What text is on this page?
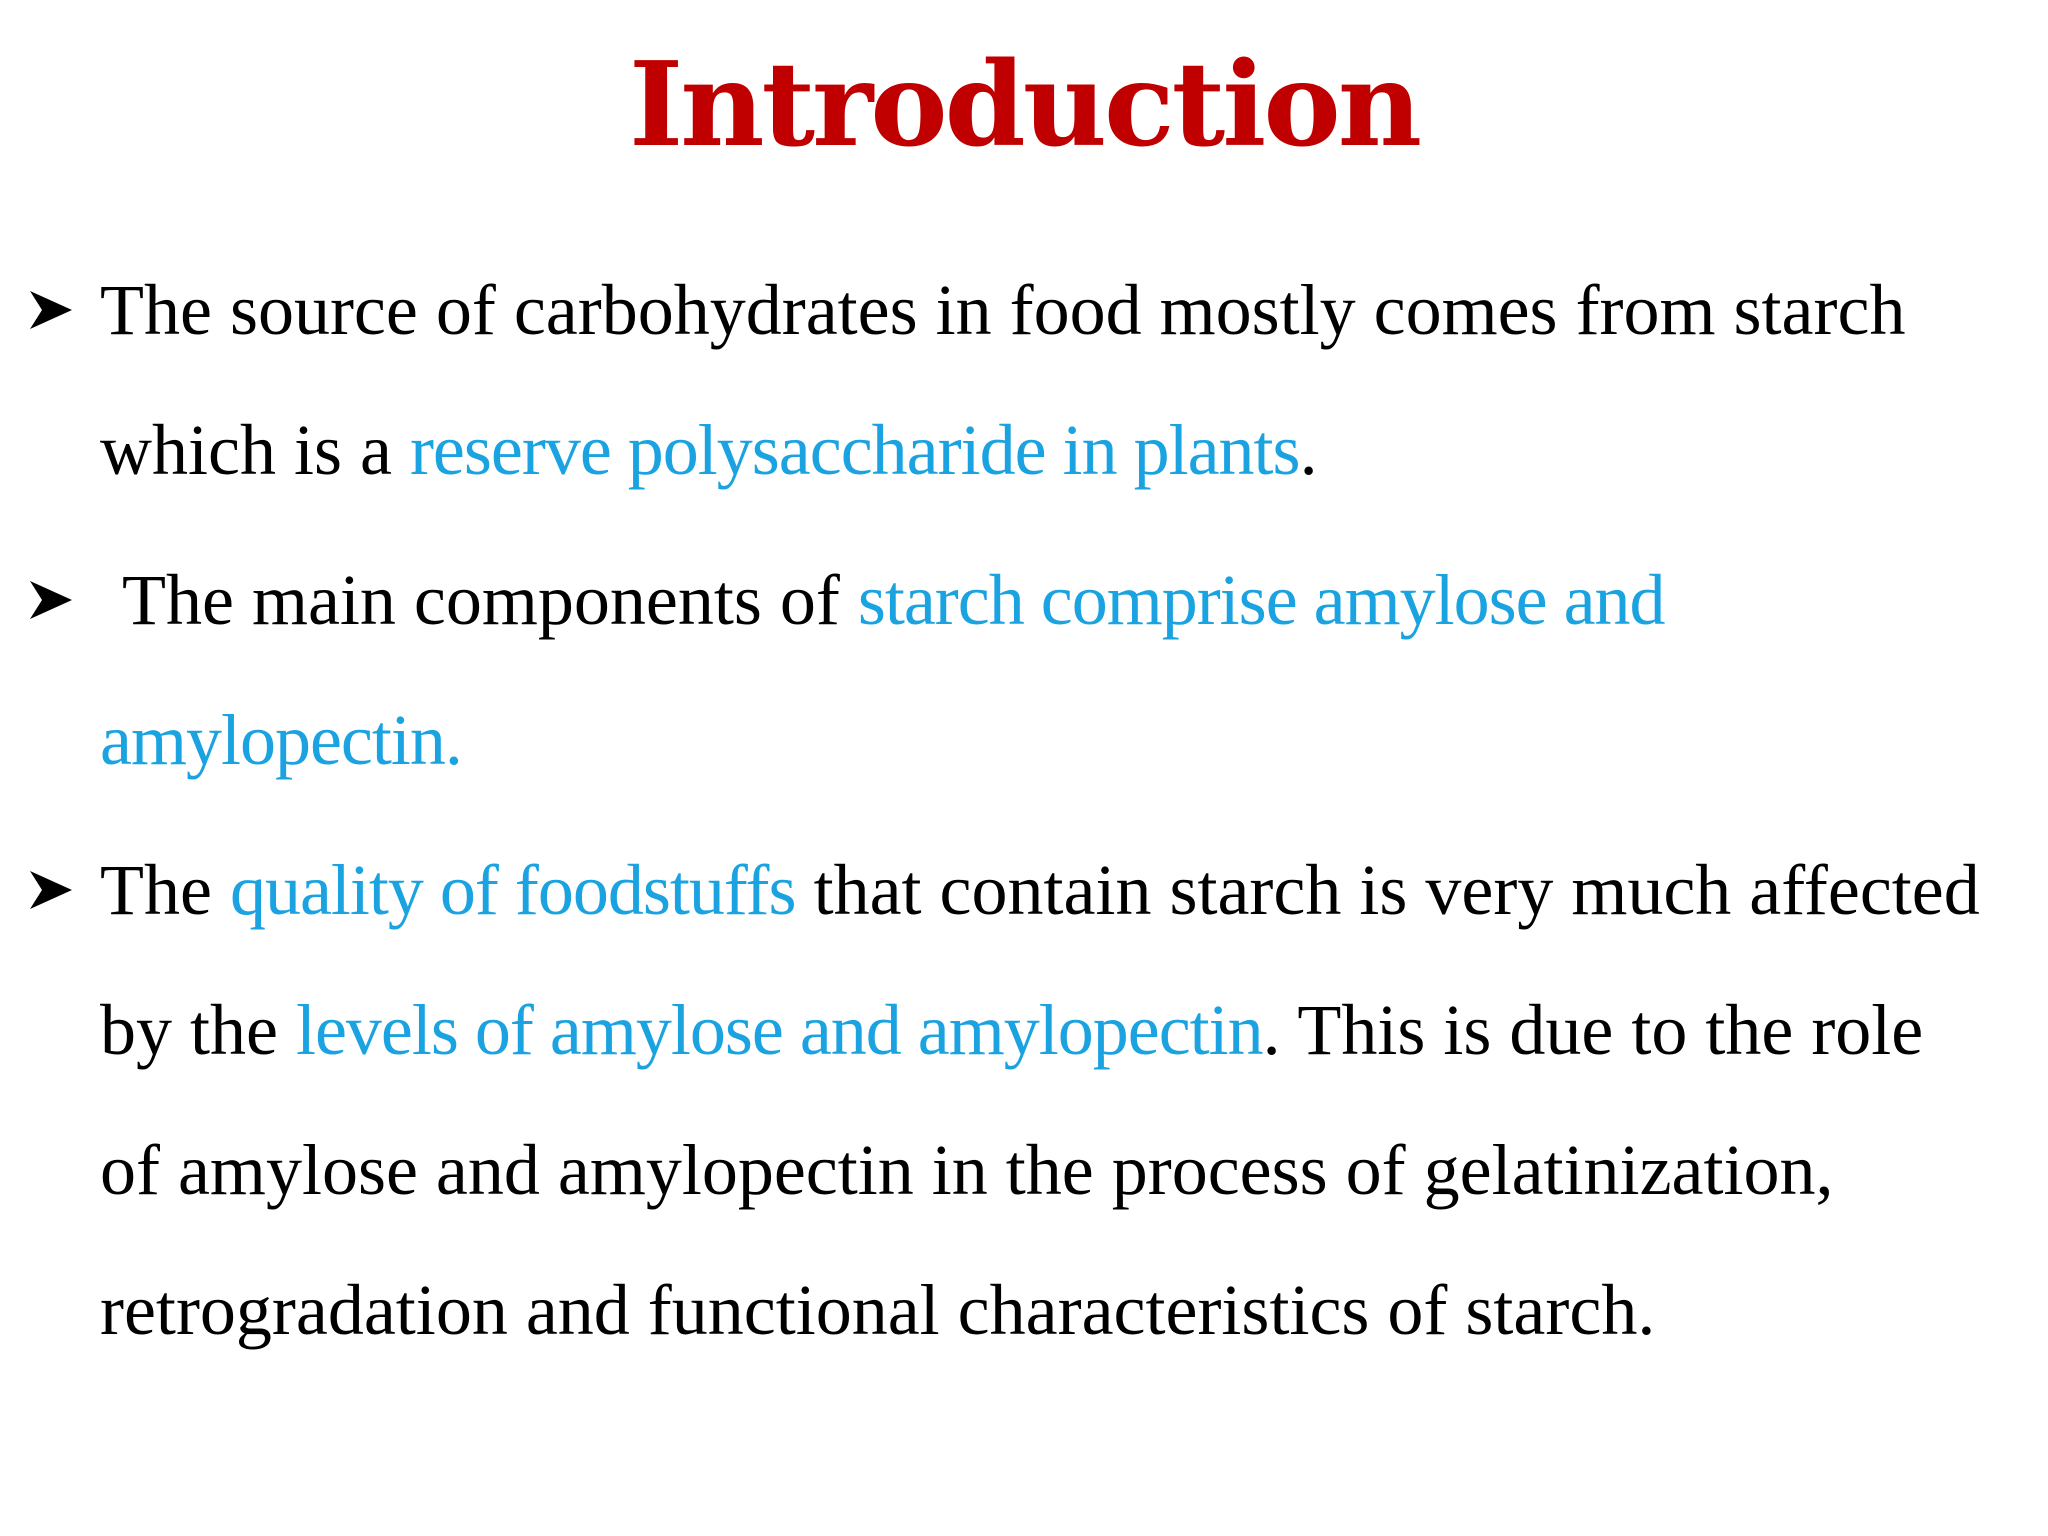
Introduction
The source of carbohydrates in food mostly comes from starch which is a reserve polysaccharide in plants.
The main components of starch comprise amylose and amylopectin.
The quality of foodstuffs that contain starch is very much affected by the levels of amylose and amylopectin. This is due to the role of amylose and amylopectin in the process of gelatinization, retrogradation and functional characteristics of starch.
